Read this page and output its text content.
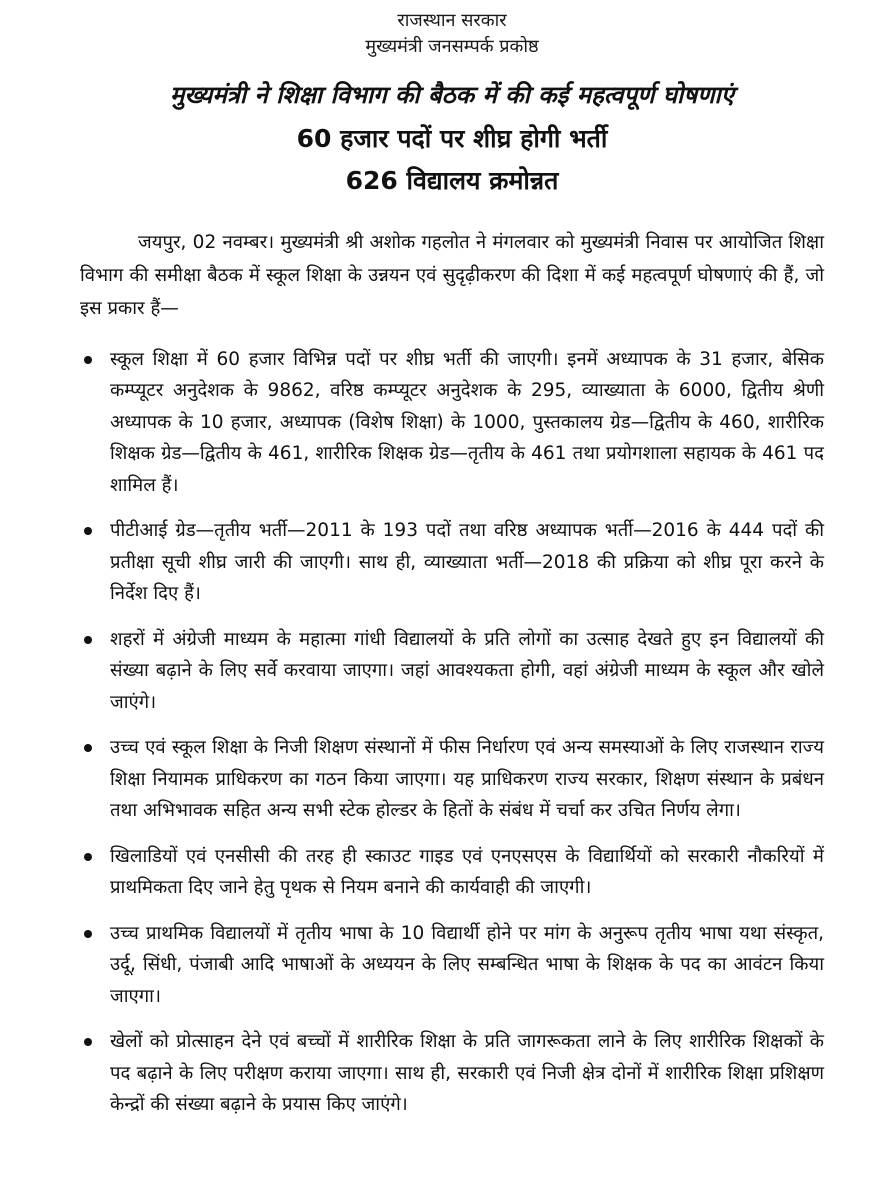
राजस्थान सरकार
मुख्यमंत्री जनसम्पर्क प्रकोष्ठ
मुख्यमंत्री ने शिक्षा विभाग की बैठक में की कई महत्वपूर्ण घोषणाएं
60 हजार पदों पर शीघ्र होगी भर्ती
626 विद्यालय क्रमोन्नत

जयपुर, 02 नवम्बर। मुख्यमंत्री श्री अशोक गहलोत ने मंगलवार को मुख्यमंत्री निवास पर आयोजित शिक्षा विभाग की समीक्षा बैठक में स्कूल शिक्षा के उन्नयन एवं सुदृढ़ीकरण की दिशा में कई महत्वपूर्ण घोषणाएं की हैं, जो इस प्रकार हैं—

स्कूल शिक्षा में 60 हजार विभिन्न पदों पर शीघ्र भर्ती की जाएगी। इनमें अध्यापक के 31 हजार, बेसिक कम्प्यूटर अनुदेशक के 9862, वरिष्ठ कम्प्यूटर अनुदेशक के 295, व्याख्याता के 6000, द्वितीय श्रेणी अध्यापक के 10 हजार, अध्यापक (विशेष शिक्षा) के 1000, पुस्तकालय ग्रेड—द्वितीय के 460, शारीरिक शिक्षक ग्रेड—द्वितीय के 461, शारीरिक शिक्षक ग्रेड—तृतीय के 461 तथा प्रयोगशाला सहायक के 461 पद शामिल हैं।
पीटीआई ग्रेड—तृतीय भर्ती—2011 के 193 पदों तथा वरिष्ठ अध्यापक भर्ती—2016 के 444 पदों की प्रतीक्षा सूची शीघ्र जारी की जाएगी। साथ ही, व्याख्याता भर्ती—2018 की प्रक्रिया को शीघ्र पूरा करने के निर्देश दिए हैं।
शहरों में अंग्रेजी माध्यम के महात्मा गांधी विद्यालयों के प्रति लोगों का उत्साह देखते हुए इन विद्यालयों की संख्या बढ़ाने के लिए सर्वे करवाया जाएगा। जहां आवश्यकता होगी, वहां अंग्रेजी माध्यम के स्कूल और खोले जाएंगे।
उच्च एवं स्कूल शिक्षा के निजी शिक्षण संस्थानों में फीस निर्धारण एवं अन्य समस्याओं के लिए राजस्थान राज्य शिक्षा नियामक प्राधिकरण का गठन किया जाएगा। यह प्राधिकरण राज्य सरकार, शिक्षण संस्थान के प्रबंधन तथा अभिभावक सहित अन्य सभी स्टेक होल्डर के हितों के संबंध में चर्चा कर उचित निर्णय लेगा।
खिलाडियों एवं एनसीसी की तरह ही स्काउट गाइड एवं एनएसएस के विद्यार्थियों को सरकारी नौकरियों में प्राथमिकता दिए जाने हेतु पृथक से नियम बनाने की कार्यवाही की जाएगी।
उच्च प्राथमिक विद्यालयों में तृतीय भाषा के 10 विद्यार्थी होने पर मांग के अनुरूप तृतीय भाषा यथा संस्कृत, उर्दू, सिंधी, पंजाबी आदि भाषाओं के अध्ययन के लिए सम्बन्धित भाषा के शिक्षक के पद का आवंटन किया जाएगा।
खेलों को प्रोत्साहन देने एवं बच्चों में शारीरिक शिक्षा के प्रति जागरूकता लाने के लिए शारीरिक शिक्षकों के पद बढ़ाने के लिए परीक्षण कराया जाएगा। साथ ही, सरकारी एवं निजी क्षेत्र दोनों में शारीरिक शिक्षा प्रशिक्षण केन्द्रों की संख्या बढ़ाने के प्रयास किए जाएंगे।
